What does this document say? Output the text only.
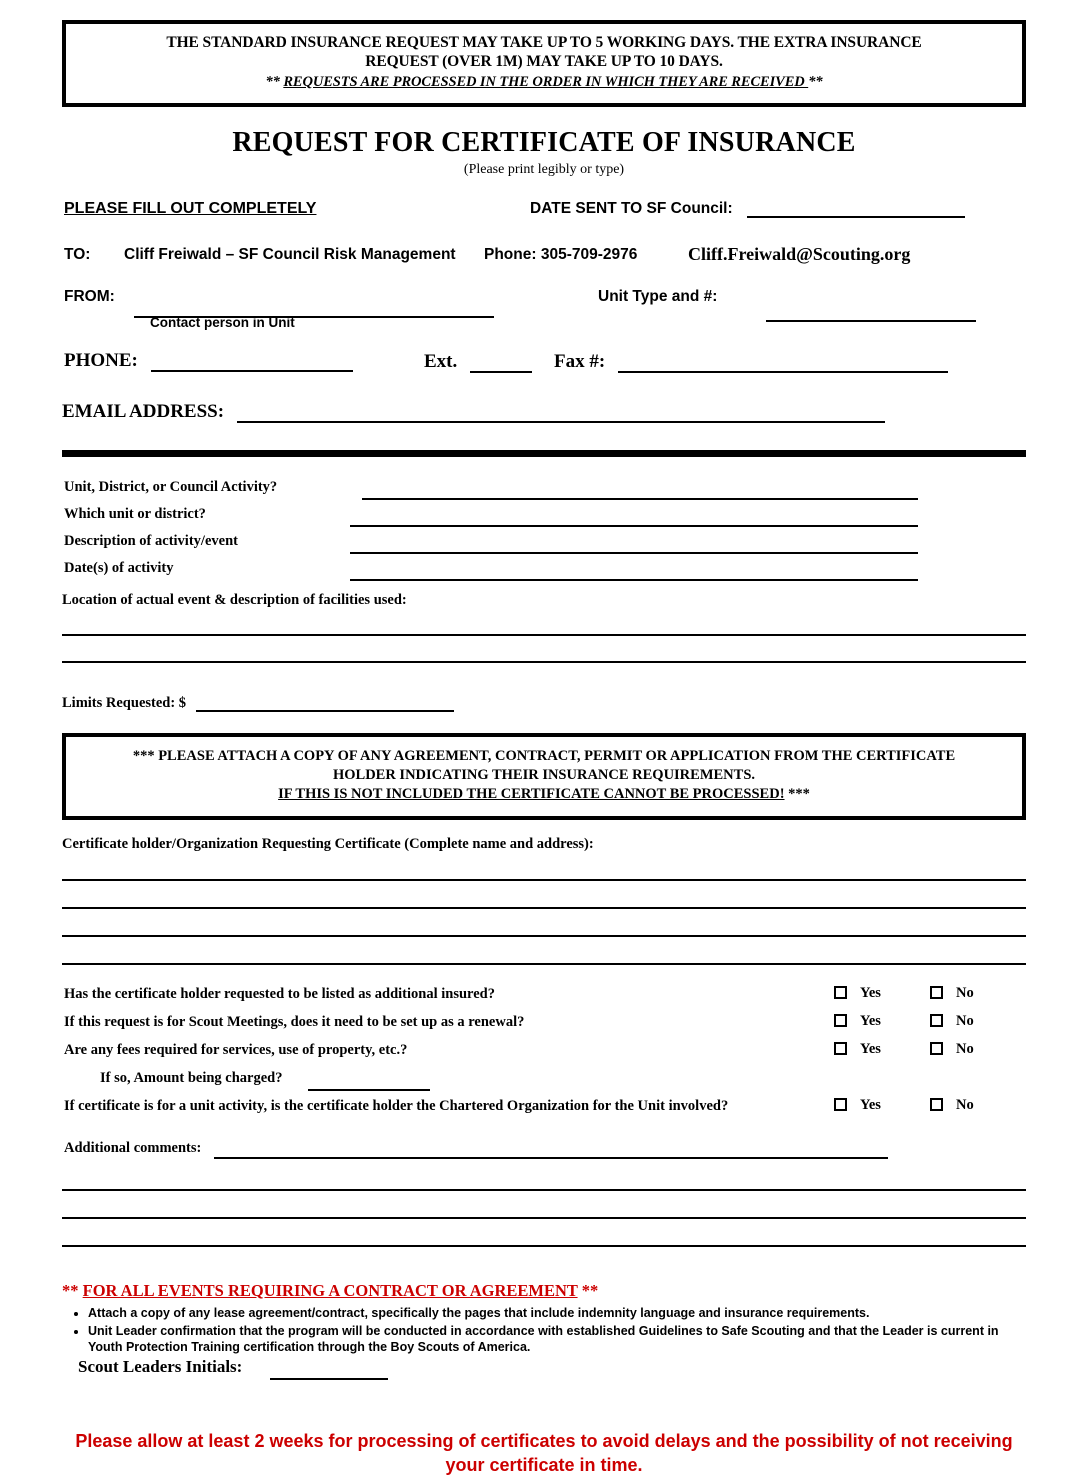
THE STANDARD INSURANCE REQUEST MAY TAKE UP TO 5 WORKING DAYS. THE EXTRA INSURANCE
REQUEST (OVER 1M) MAY TAKE UP TO 10 DAYS.
** REQUESTS ARE PROCESSED IN THE ORDER IN WHICH THEY ARE RECEIVED **
REQUEST FOR CERTIFICATE OF INSURANCE
(Please print legibly or type)
PLEASE FILL OUT COMPLETELY	DATE SENT TO SF Council:
TO: Cliff Freiwald – SF Council Risk Management Phone: 305-709-2976	Cliff.Freiwald@Scouting.org
FROM:	Unit Type and #:
Contact person in Unit
PHONE:	Ext.	Fax #:
EMAIL ADDRESS:
Unit, District, or Council Activity?
Which unit or district?
Description of activity/event
Date(s) of activity
Location of actual event & description of facilities used:
Limits Requested: $
*** PLEASE ATTACH A COPY OF ANY AGREEMENT, CONTRACT, PERMIT OR APPLICATION FROM THE CERTIFICATE
HOLDER INDICATING THEIR INSURANCE REQUIREMENTS.
IF THIS IS NOT INCLUDED THE CERTIFICATE CANNOT BE PROCESSED! ***
Certificate holder/Organization Requesting Certificate (Complete name and address):
Has the certificate holder requested to be listed as additional insured?	Yes	No
If this request is for Scout Meetings, does it need to be set up as a renewal?	Yes	No
Are any fees required for services, use of property, etc.?	Yes	No
If so, Amount being charged?
If certificate is for a unit activity, is the certificate holder the Chartered Organization for the Unit involved?	Yes	No
Additional comments:
** FOR ALL EVENTS REQUIRING A CONTRACT OR AGREEMENT **
• Attach a copy of any lease agreement/contract, specifically the pages that include indemnity language and insurance requirements.
• Unit Leader confirmation that the program will be conducted in accordance with established Guidelines to Safe Scouting and that the Leader is current in Youth Protection Training certification through the Boy Scouts of America.
Scout Leaders Initials:
Please allow at least 2 weeks for processing of certificates to avoid delays and the possibility of not receiving your certificate in time.
